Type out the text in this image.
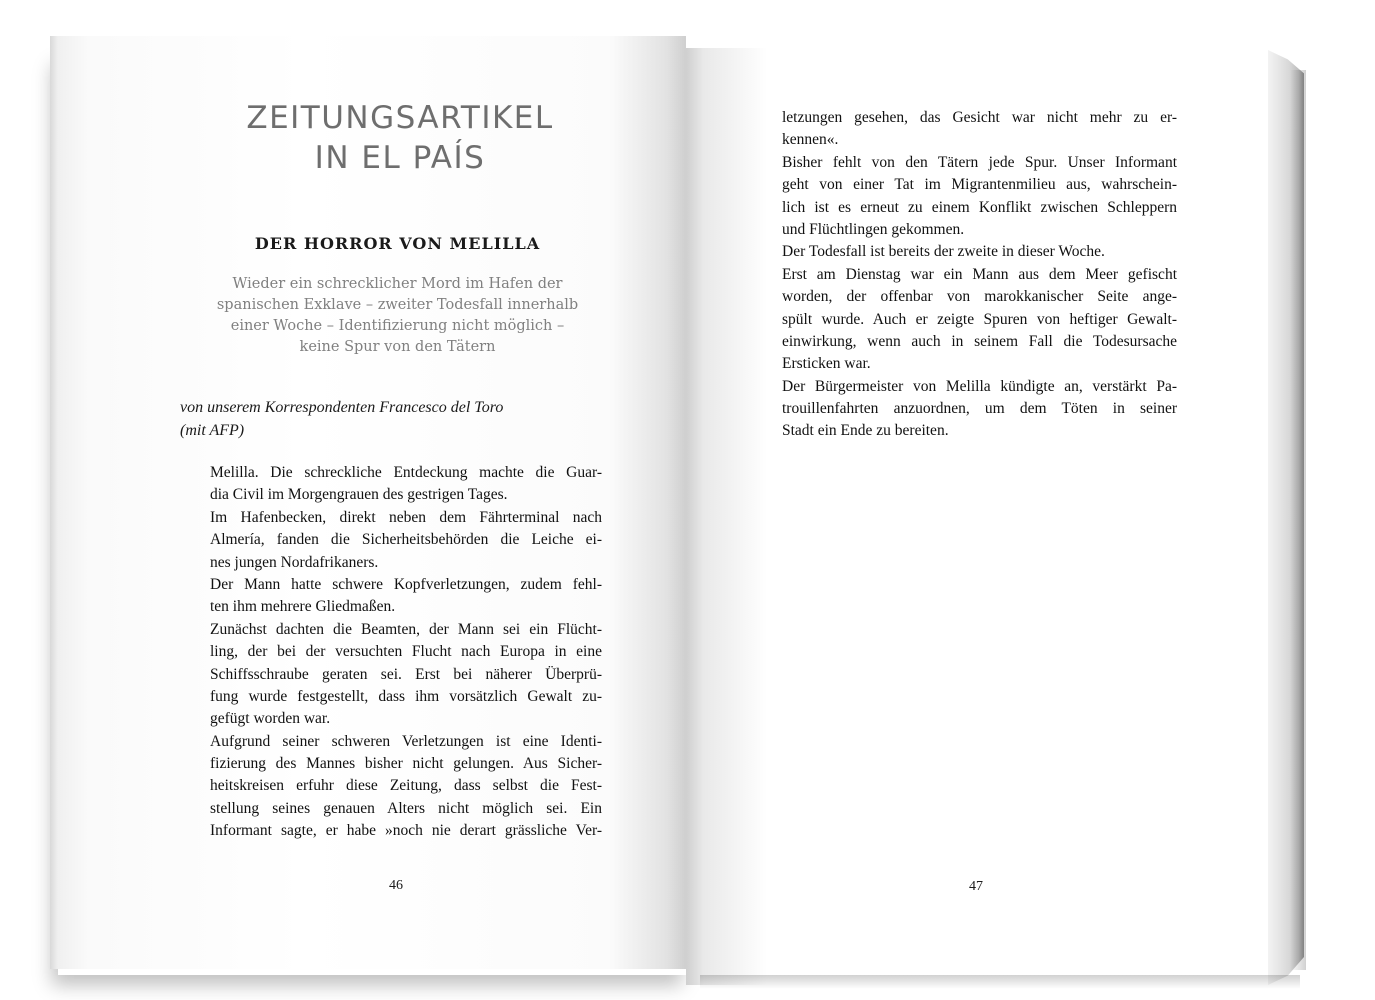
ZEITUNGSARTIKEL
IN EL PAÍS
DER HORROR VON MELILLA
Wieder ein schrecklicher Mord im Hafen der
spanischen Exklave – zweiter Todesfall innerhalb
einer Woche – Identifizierung nicht möglich –
keine Spur von den Tätern
von unserem Korrespondenten Francesco del Toro
(mit AFP)
Melilla. Die schreckliche Entdeckung machte die Guar-
dia Civil im Morgengrauen des gestrigen Tages.
Im Hafenbecken, direkt neben dem Fährterminal nach
Almería, fanden die Sicherheitsbehörden die Leiche ei-
nes jungen Nordafrikaners.
Der Mann hatte schwere Kopfverletzungen, zudem fehl-
ten ihm mehrere Gliedmaßen.
Zunächst dachten die Beamten, der Mann sei ein Flücht-
ling, der bei der versuchten Flucht nach Europa in eine
Schiffsschraube geraten sei. Erst bei näherer Überprü-
fung wurde festgestellt, dass ihm vorsätzlich Gewalt zu-
gefügt worden war.
Aufgrund seiner schweren Verletzungen ist eine Identi-
fizierung des Mannes bisher nicht gelungen. Aus Sicher-
heitskreisen erfuhr diese Zeitung, dass selbst die Fest-
stellung seines genauen Alters nicht möglich sei. Ein
Informant sagte, er habe »noch nie derart grässliche Ver-
46
letzungen gesehen, das Gesicht war nicht mehr zu er-
kennen«.
Bisher fehlt von den Tätern jede Spur. Unser Informant
geht von einer Tat im Migrantenmilieu aus, wahrschein-
lich ist es erneut zu einem Konflikt zwischen Schleppern
und Flüchtlingen gekommen.
Der Todesfall ist bereits der zweite in dieser Woche.
Erst am Dienstag war ein Mann aus dem Meer gefischt
worden, der offenbar von marokkanischer Seite ange-
spült wurde. Auch er zeigte Spuren von heftiger Gewalt-
einwirkung, wenn auch in seinem Fall die Todesursache
Ersticken war.
Der Bürgermeister von Melilla kündigte an, verstärkt Pa-
trouillenfahrten anzuordnen, um dem Töten in seiner
Stadt ein Ende zu bereiten.
47
